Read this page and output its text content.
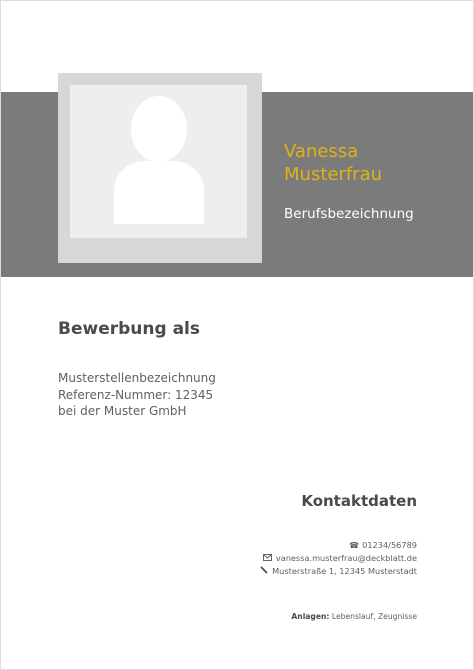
Vanessa
Musterfrau
Berufsbezeichnung
Bewerbung als
Musterstellenbezeichnung
Referenz-Nummer: 12345
bei der Muster GmbH
Kontaktdaten
☎ 01234/56789
vanessa.musterfrau@deckblatt.de
Musterstraße 1, 12345 Musterstadt
Anlagen: Lebenslauf, Zeugnisse
